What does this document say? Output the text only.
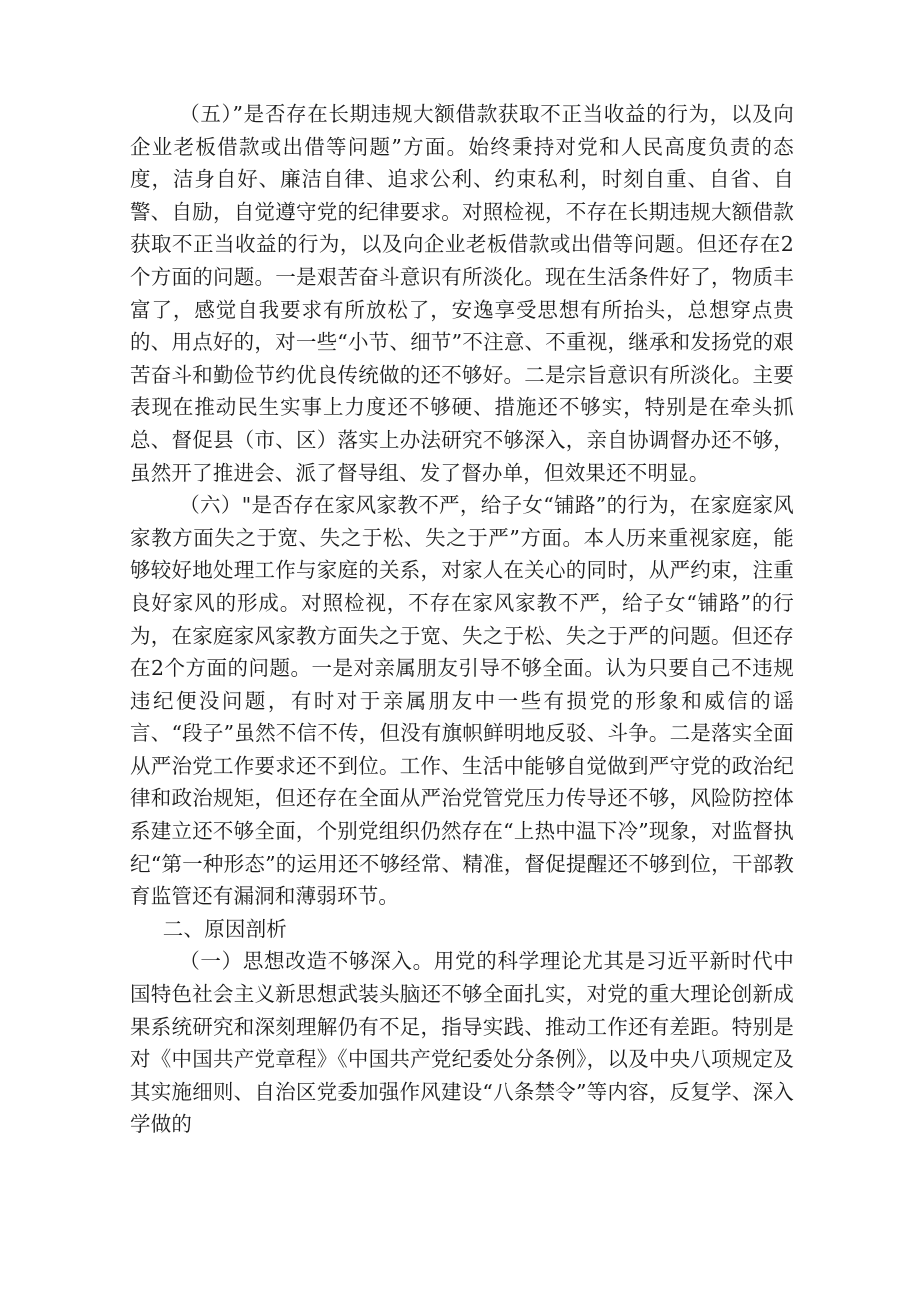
（五）”是否存在长期违规大额借款获取不正当收益的行为，以及向企业老板借款或出借等问题”方面。始终秉持对党和人民高度负责的态度，洁身自好、廉洁自律、追求公利、约束私利，时刻自重、自省、自警、自励，自觉遵守党的纪律要求。对照检视，不存在长期违规大额借款获取不正当收益的行为，以及向企业老板借款或出借等问题。但还存在2个方面的问题。一是艰苦奋斗意识有所淡化。现在生活条件好了，物质丰富了，感觉自我要求有所放松了，安逸享受思想有所抬头，总想穿点贵的、用点好的，对一些“小节、细节”不注意、不重视，继承和发扬党的艰苦奋斗和勤俭节约优良传统做的还不够好。二是宗旨意识有所淡化。主要表现在推动民生实事上力度还不够硬、措施还不够实，特别是在牵头抓总、督促县（市、区）落实上办法研究不够深入，亲自协调督办还不够，虽然开了推进会、派了督导组、发了督办单，但效果还不明显。

（六）"是否存在家风家教不严，给子女“铺路”的行为，在家庭家风家教方面失之于宽、失之于松、失之于严”方面。本人历来重视家庭，能够较好地处理工作与家庭的关系，对家人在关心的同时，从严约束，注重良好家风的形成。对照检视，不存在家风家教不严，给子女“铺路”的行为，在家庭家风家教方面失之于宽、失之于松、失之于严的问题。但还存在2个方面的问题。一是对亲属朋友引导不够全面。认为只要自己不违规违纪便没问题，有时对于亲属朋友中一些有损党的形象和威信的谣言、“段子”虽然不信不传，但没有旗帜鲜明地反驳、斗争。二是落实全面从严治党工作要求还不到位。工作、生活中能够自觉做到严守党的政治纪律和政治规矩，但还存在全面从严治党管党压力传导还不够，风险防控体系建立还不够全面，个别党组织仍然存在“上热中温下冷”现象，对监督执纪“第一种形态”的运用还不够经常、精准，督促提醒还不够到位，干部教育监管还有漏洞和薄弱环节。

二、原因剖析

（一）思想改造不够深入。用党的科学理论尤其是习近平新时代中国特色社会主义新思想武装头脑还不够全面扎实，对党的重大理论创新成果系统研究和深刻理解仍有不足，指导实践、推动工作还有差距。特别是对《中国共产党章程》《中国共产党纪委处分条例》，以及中央八项规定及其实施细则、自治区党委加强作风建设“八条禁令”等内容，反复学、深入学做的
